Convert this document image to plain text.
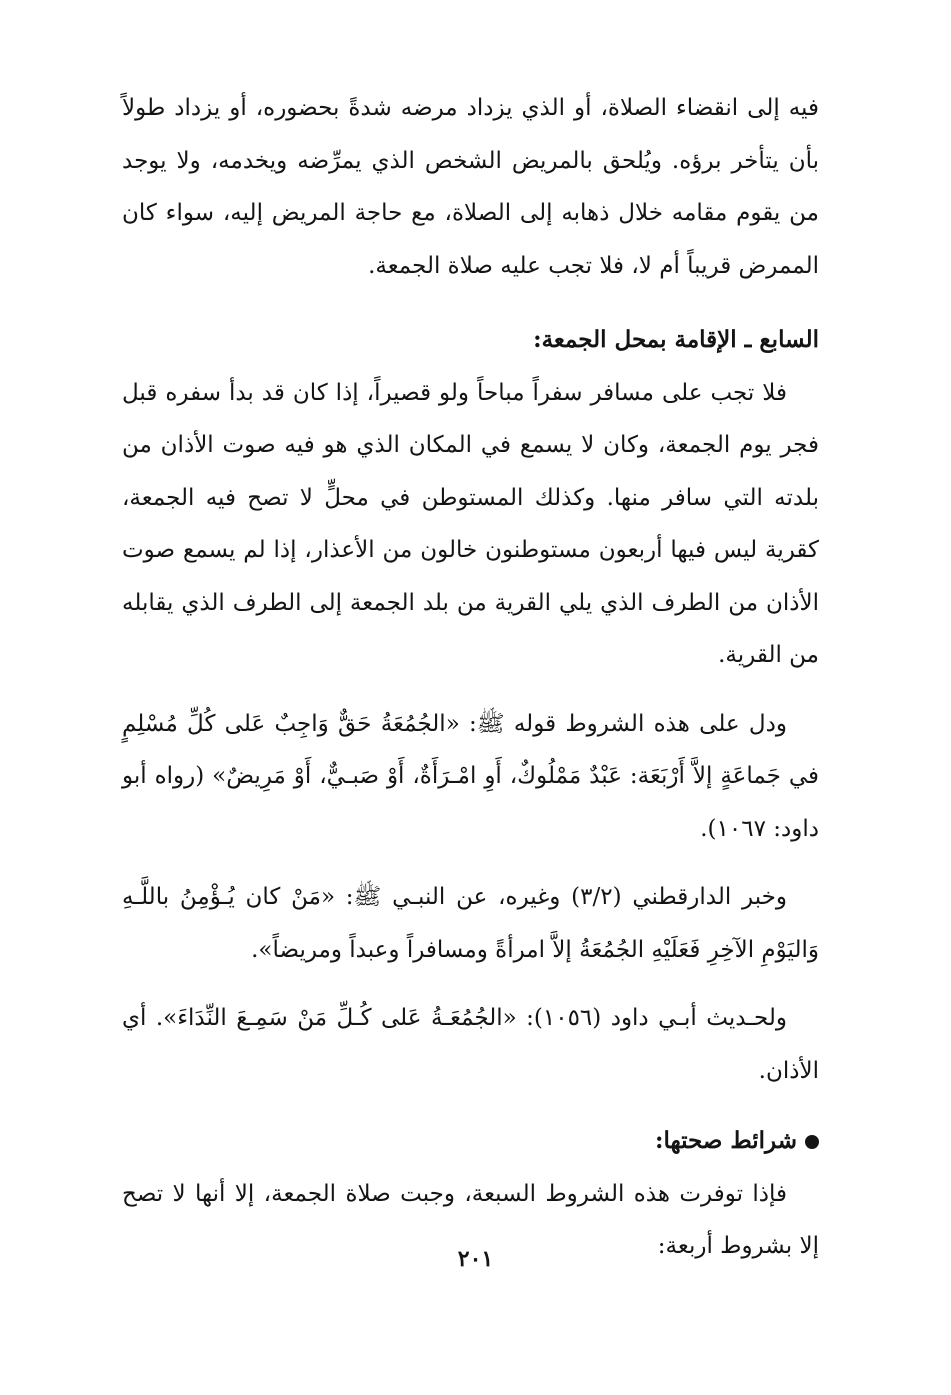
فيه إلى انقضاء الصلاة، أو الذي يزداد مرضه شدةً بحضوره، أو يزداد طولاً بأن يتأخر برؤه. ويُلحق بالمريض الشخص الذي يمرِّضه ويخدمه، ولا يوجد من يقوم مقامه خلال ذهابه إلى الصلاة، مع حاجة المريض إليه، سواء كان الممرض قريباً أم لا، فلا تجب عليه صلاة الجمعة.

السابع ـ الإقامة بمحل الجمعة:

فلا تجب على مسافر سفراً مباحاً ولو قصيراً، إذا كان قد بدأ سفره قبل فجر يوم الجمعة، وكان لا يسمع في المكان الذي هو فيه صوت الأذان من بلدته التي سافر منها. وكذلك المستوطن في محلٍّ لا تصح فيه الجمعة، كقرية ليس فيها أربعون مستوطنون خالون من الأعذار، إذا لم يسمع صوت الأذان من الطرف الذي يلي القرية من بلد الجمعة إلى الطرف الذي يقابله من القرية.

ودل على هذه الشروط قوله ﷺ: «الجُمُعَةُ حَقٌّ وَاجِبٌ عَلى كُلِّ مُسْلِمٍ في جَماعَةٍ إلاَّ أَرْبَعَة: عَبْدٌ مَمْلُوكٌ، أَوِ امْـرَأَةٌ، أَوْ صَبـيٌّ، أَوْ مَرِيضٌ» (رواه أبو داود: ١٠٦٧).

وخبر الدارقطني (٣/٢) وغيره، عن النبـي ﷺ: «مَنْ كان يُـؤْمِنُ باللَّـهِ وَاليَوْمِ الآخِرِ فَعَلَيْهِ الجُمُعَةُ إلاَّ امرأةً ومسافراً وعبداً ومريضاً».

ولحـديث أبـي داود (١٠٥٦): «الجُمُعَـةُ عَلى كُـلِّ مَنْ سَمِـعَ النِّدَاءَ». أي الأذان.

شرائط صحتها:

فإذا توفرت هذه الشروط السبعة، وجبت صلاة الجمعة، إلا أنها لا تصح إلا بشروط أربعة:

٢٠١
